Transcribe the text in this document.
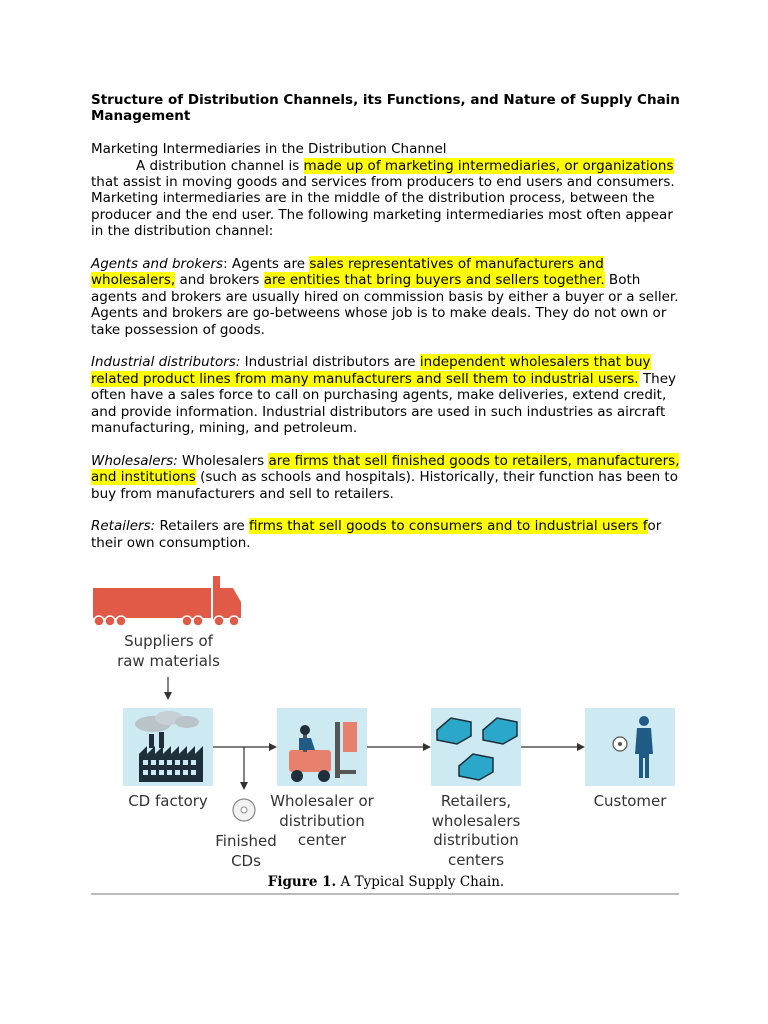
Structure of Distribution Channels, its Functions, and Nature of Supply Chain Management

Marketing Intermediaries in the Distribution Channel

A distribution channel is made up of marketing intermediaries, or organizations that assist in moving goods and services from producers to end users and consumers. Marketing intermediaries are in the middle of the distribution process, between the producer and the end user. The following marketing intermediaries most often appear in the distribution channel:

Agents and brokers: Agents are sales representatives of manufacturers and wholesalers, and brokers are entities that bring buyers and sellers together. Both agents and brokers are usually hired on commission basis by either a buyer or a seller. Agents and brokers are go-betweens whose job is to make deals. They do not own or take possession of goods.

Industrial distributors: Industrial distributors are independent wholesalers that buy related product lines from many manufacturers and sell them to industrial users. They often have a sales force to call on purchasing agents, make deliveries, extend credit, and provide information. Industrial distributors are used in such industries as aircraft manufacturing, mining, and petroleum.

Wholesalers: Wholesalers are firms that sell finished goods to retailers, manufacturers, and institutions (such as schools and hospitals). Historically, their function has been to buy from manufacturers and sell to retailers.

Retailers: Retailers are firms that sell goods to consumers and to industrial users for their own consumption.

Suppliers of raw materials
CD factory
Finished CDs
Wholesaler or distribution center
Retailers, wholesalers distribution centers
Customer
Figure 1. A Typical Supply Chain.
